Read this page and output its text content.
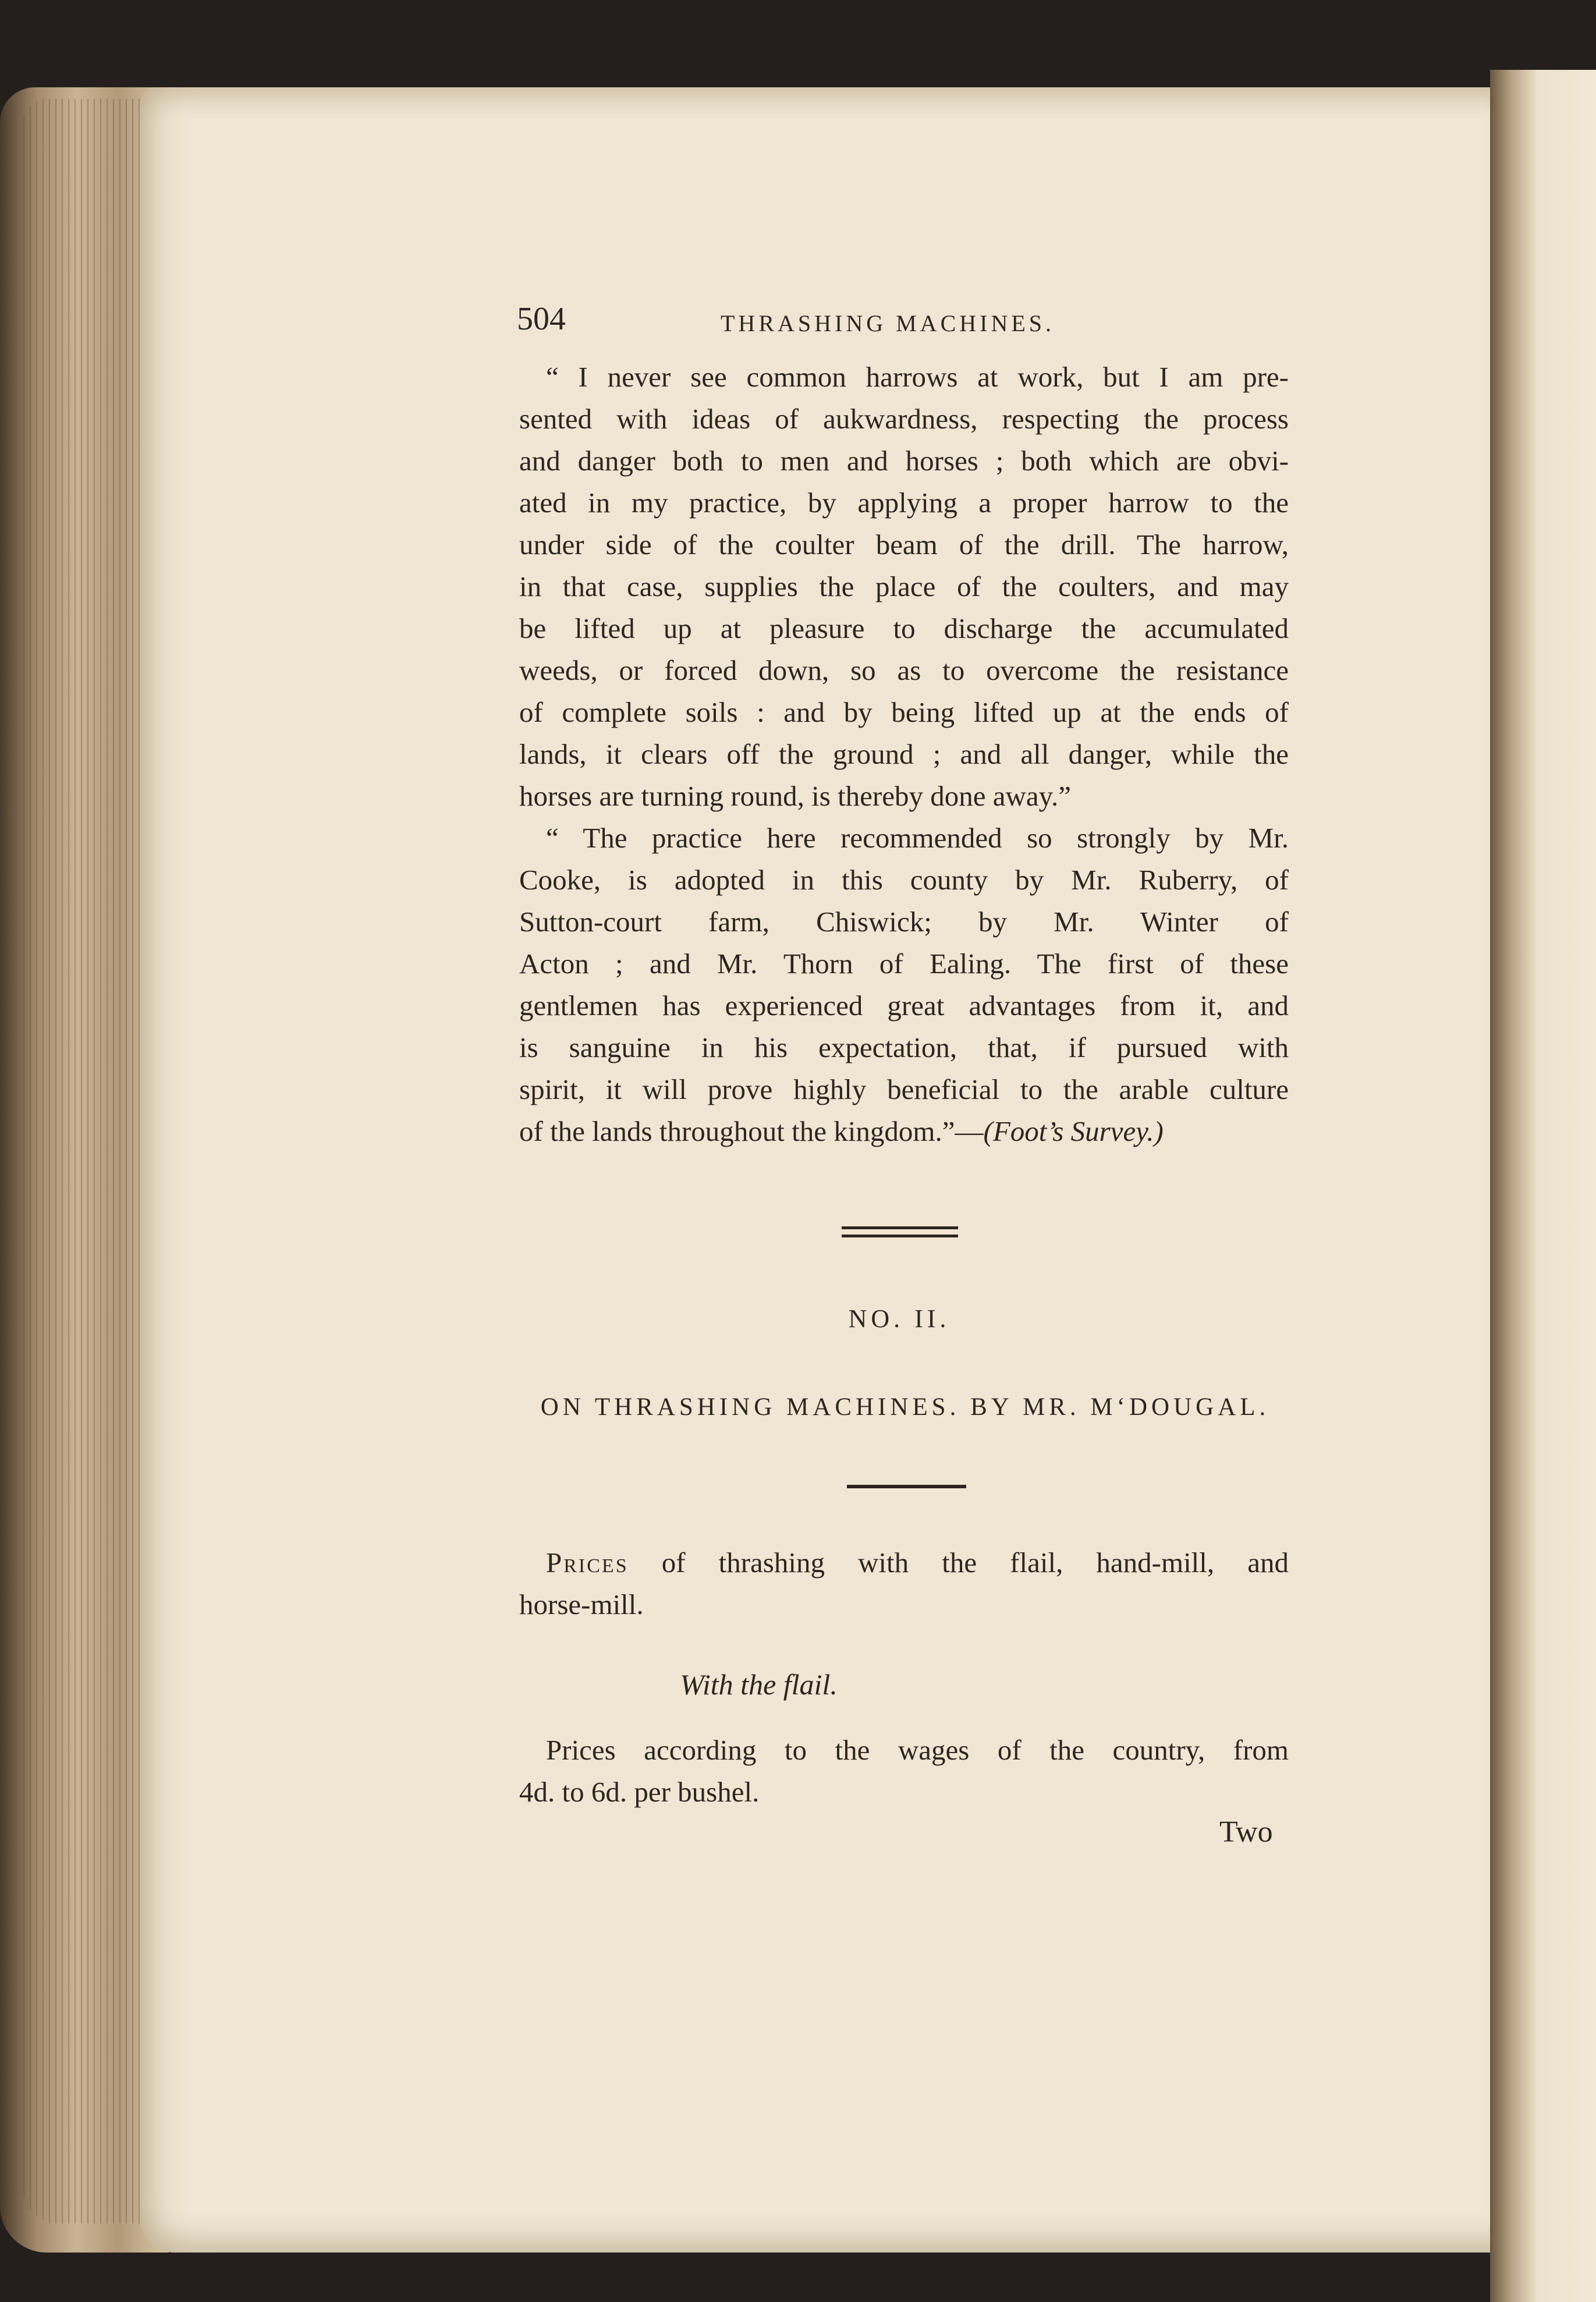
504	THRASHING MACHINES.
“ I never see common harrows at work, but I am pre-
sented with ideas of aukwardness, respecting the process
and danger both to men and horses ; both which are obvi-
ated in my practice, by applying a proper harrow to the
under side of the coulter beam of the drill. The harrow,
in that case, supplies the place of the coulters, and may
be lifted up at pleasure to discharge the accumulated
weeds, or forced down, so as to overcome the resistance
of complete soils : and by being lifted up at the ends of
lands, it clears off the ground ; and all danger, while the
horses are turning round, is thereby done away.”
“ The practice here recommended so strongly by Mr.
Cooke, is adopted in this county by Mr. Ruberry, of
Sutton-court farm, Chiswick; by Mr. Winter of
Acton ; and Mr. Thorn of Ealing. The first of these
gentlemen has experienced great advantages from it, and
is sanguine in his expectation, that, if pursued with
spirit, it will prove highly beneficial to the arable culture
of the lands throughout the kingdom.”—(Foot’s Survey.)
NO. II.
ON THRASHING MACHINES. BY MR. M‘DOUGAL.
Prices of thrashing with the flail, hand-mill, and
horse-mill.
With the flail.
Prices according to the wages of the country, from
4d. to 6d. per bushel.
Two
